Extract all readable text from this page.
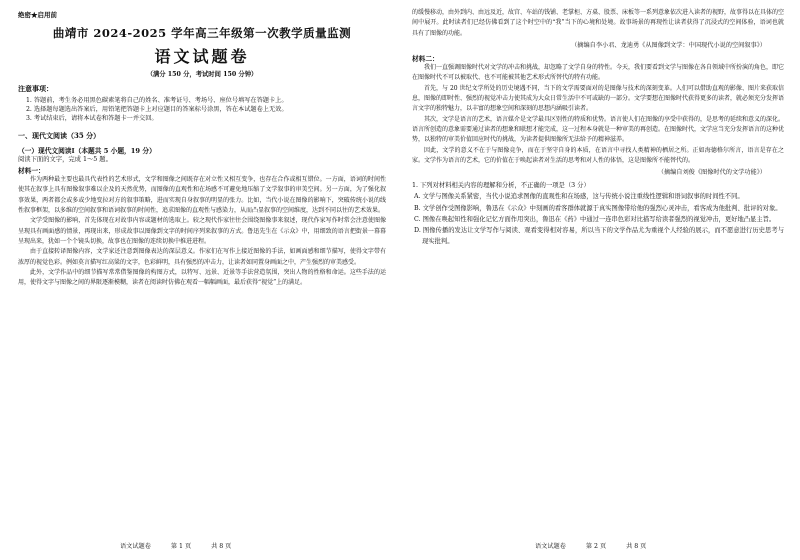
绝密★启用前
曲靖市 2024-2025 学年高三年级第一次教学质量监测
语文试题卷
（满分 150 分，考试时间 150 分钟）
注意事项：
1. 答题前，考生务必用黑色碳素笔将自己的姓名、准考证号、考场号、座位号填写在答题卡上。
2. 选择题每题选出答案后，用铅笔把答题卡上对应题目的答案标号涂黑，答在本试题卷上无效。
3. 考试结束后，请将本试卷和答题卡一并交回。
一、现代文阅读（35 分）
（一）现代文阅读Ⅰ（本题共 5 小题，19 分）
阅读下面的文字，完成 1～5 题。
材料一：

作为两种最主要也最具代表性的艺术形式，文学和图像之间既存在对立性又相互变争，也存在合作或相互错位。一方面，语词的时间性使其在叙事上具有图像叙事难以企及的天然优势，而图像的直观性和在场感不可避免地压缩了文学叙事的审美空间。另一方面，为了强化叙事效果，两者都会或多或少地变拉对方的叙事策略，进而实现自身叙事的明显的张力。比如，当代小说在图像的影响下，突破传统小说的线性叙事框架，以多维的空间叙事和语词叙事的时间性，追求图像的直观性与感染力，从而凸显叙事的空间维度，达到不同以往的艺术效果。

文学受图像的影响，首先体现在对故事内容或题材的选取上。较之现代作家往往会围绕图像事来叙述，现代作家写作时常会注意使图像呈现具有画面感的情景，再现出来，形成故事以图像到文字的时间序列来叙事的方式。鲁迅先生在《示众》中，用细致的语言把街景一幕幕呈现出来，犹如一个个镜头切换，故事也在图像的连续切换中推进进程。

由于直接转译图像内容，文学家还注意到图像表达的深层意义。作家们在写作上接近图像的手法，如画面感和细节描写，使得文字带有浓厚的视觉色彩。例如莫言描写红高粱的文字，色彩鲜明，具有强烈的冲击力，让读者如同置身画面之中，产生强烈的审美感受。

此外，文学作品中的细节描写常常借鉴图像的构图方式，以特写、远景、近景等手法营造氛围，突出人物的性格和命运。这些手法的运用，使得文字与图像之间的界限逐渐模糊，读者在阅读时仿佛在观看一幅幅画面，最后获得“视觉”上的满足。

语文试题卷	第 1 页	共 8 页

的缓慢移动，由外到内、由远及近，故宫、车站的钱铺、老掌柜、方桌、股票、床板等一系列意象依次进入读者的视野，故事得以在具体的空间中展开。此时读者们已经仿佛看到了这个时空中的“我”当下的心境和处境。故事场景的再现性让读者获得了沉浸式的空间体验，语词也就具有了图像的功能。

（摘编自李小君、龙迪勇《从图像到文学：中国现代小说的空间叙事》）
材料二：

我们一直强调图像时代对文学的冲击和挑战，却忽略了文学自身的特性。今天，我们要看到文学与图像在各自领域中所扮演的角色，即它在图像时代不可以被取代、也不可能被其他艺术形式所替代的特有功能。

首先，与 20 世纪文学所处的历史境遇不同，当下的文学需要面对的是图像与技术的深刻变革。人们可以借助直观的影像、图片来获取信息，图像的即时性、强烈的视觉冲击力使其成为大众日常生活中不可或缺的一部分。文学要想在图像时代获得更多的读者，就必须充分发挥语言文字的独特魅力，以丰富的想象空间和深刻的思想内涵吸引读者。

其次，文学是语言的艺术，语言媒介是文学最具区别性的特质和优势。语言使人们在图像的享受中获得的，是思考的延续和意义的深化。语言所创造的意象需要通过读者的想象和联想才能完成，这一过程本身就是一种审美的再创造。在图像时代，文学应当充分发挥语言的这种优势，以独特的审美价值回应时代的挑战，为读者提供图像所无法给予的精神滋养。

因此，文学的意义不在于与图像竞争，而在于坚守自身的本质，在语言中寻找人类精神的栖居之所。正如海德格尔所言，语言是存在之家。文学作为语言的艺术，它的价值在于唤起读者对生活的思考和对人性的体悟，这是图像所不能替代的。

（摘编自刘俊《图像时代的文学功能》）
1. 下列对材料相关内容的理解和分析，不正确的一项是（3 分）
A. 文学与图像关系紧密，当代小说追求图像的直观性和在场感，这与传统小说注重线性逻辑和语词叙事的时间性不同。
B. 文学创作受图像影响，鲁迅在《示众》中刻画的看客群体就源于真实图像带给他的强烈心灵冲击，看客成为他批判、批评的对象。
C. 图像在唤起知性和强化记忆方面作用突出，鲁迅在《药》中通过一连串色彩对比描写给读者强烈的视觉冲击，更好地凸显主旨。
D. 图像传播的发达让文学写作与阅读、观看变得相对容易，所以当下的文学作品尤为重视个人经验的展示，而不愿意进行历史思考与现实批判。
语文试题卷	第 2 页	共 8 页
